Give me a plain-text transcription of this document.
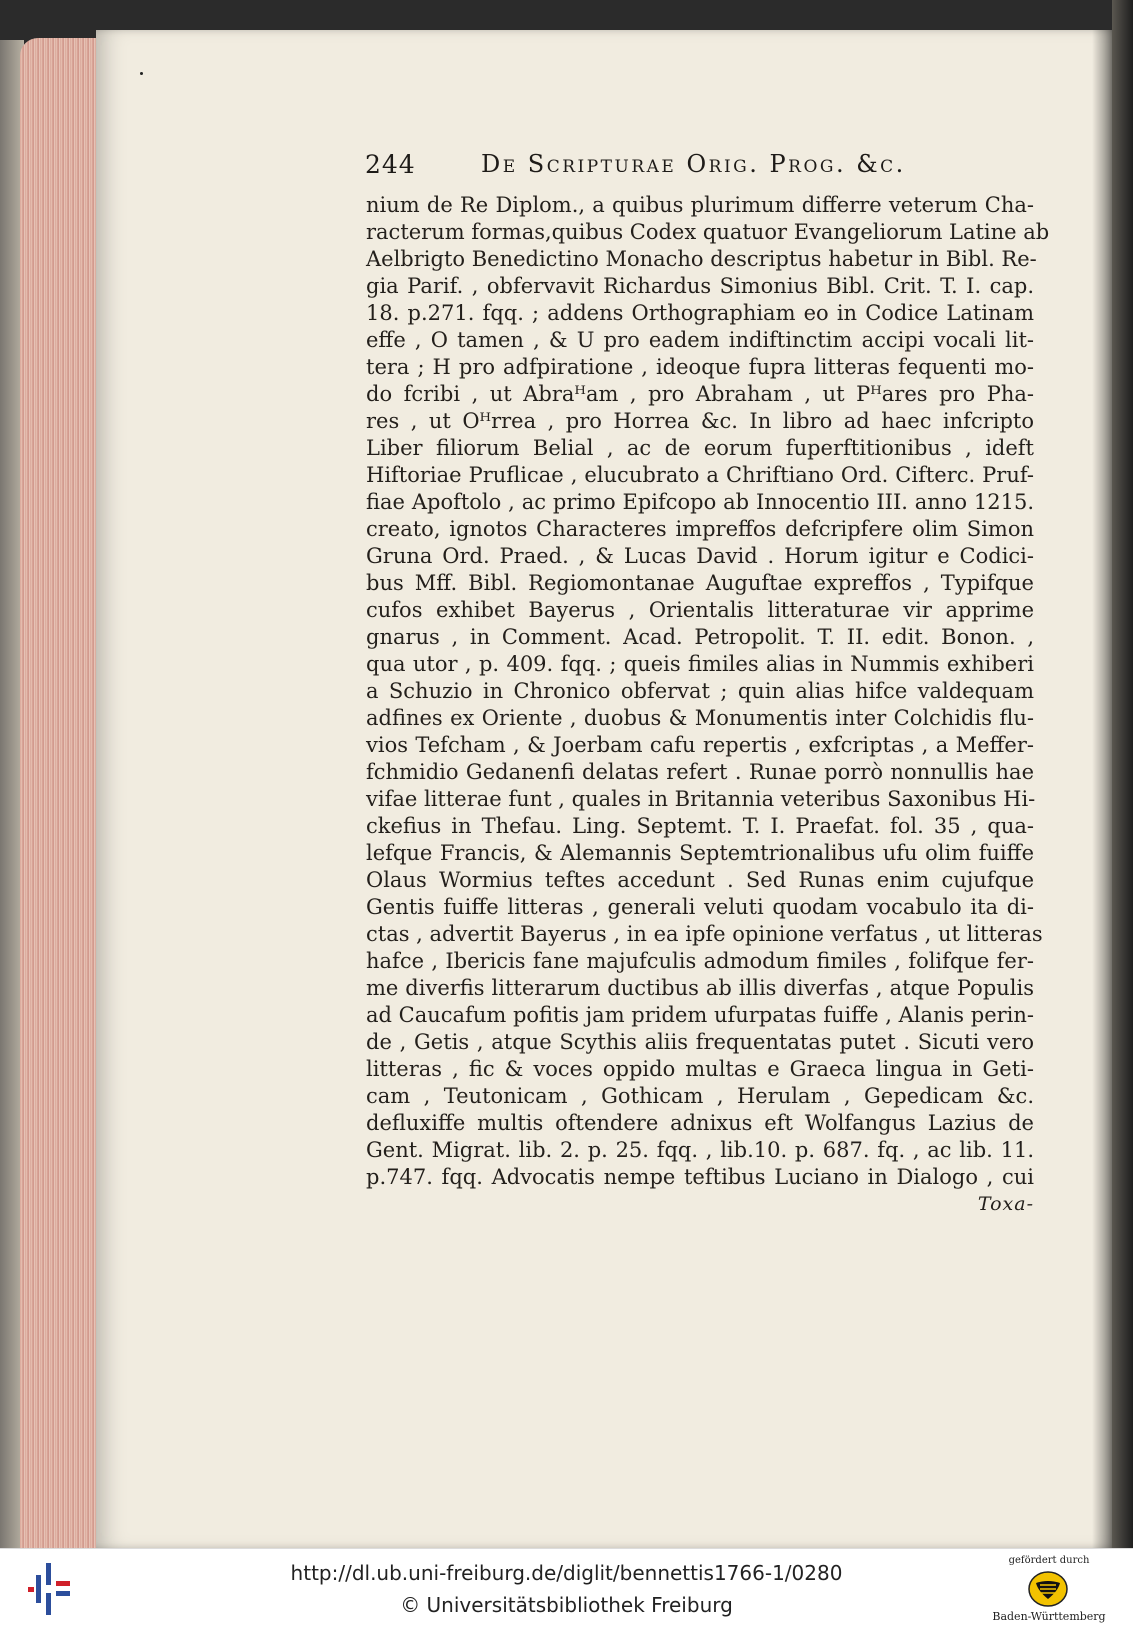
244	De Scripturae Orig. Prog. &c.
nium de Re Diplom., a quibus plurimum differre veterum Cha-
racterum formas,quibus Codex quatuor Evangeliorum Latine ab
Aelbrigto Benedictino Monacho descriptus habetur in Bibl. Re-
gia Parif. , obfervavit Richardus Simonius Bibl. Crit. T. I. cap.
18. p.271. fqq. ; addens Orthographiam eo in Codice Latinam
effe , O tamen , & U pro eadem indiftinctim accipi vocali lit-
tera ; H pro adfpiratione , ideoque fupra litteras fequenti mo-
do fcribi , ut Abraᴴam , pro Abraham , ut Pᴴares pro Pha-
res , ut Oᴴrrea , pro Horrea &c. In libro ad haec infcripto
Liber filiorum Belial , ac de eorum fuperftitionibus , ideft
Hiftoriae Pruflicae , elucubrato a Chriftiano Ord. Cifterc. Pruf-
fiae Apoftolo , ac primo Epifcopo ab Innocentio III. anno 1215.
creato, ignotos Characteres impreffos defcripfere olim Simon
Gruna Ord. Praed. , & Lucas David . Horum igitur e Codici-
bus Mff. Bibl. Regiomontanae Auguftae expreffos , Typifque
cufos exhibet Bayerus , Orientalis litteraturae vir apprime
gnarus , in Comment. Acad. Petropolit. T. II. edit. Bonon. ,
qua utor , p. 409. fqq. ; queis fimiles alias in Nummis exhiberi
a Schuzio in Chronico obfervat ; quin alias hifce valdequam
adfines ex Oriente , duobus & Monumentis inter Colchidis flu-
vios Tefcham , & Joerbam cafu repertis , exfcriptas , a Meffer-
fchmidio Gedanenfi delatas refert . Runae porrò nonnullis hae
vifae litterae funt , quales in Britannia veteribus Saxonibus Hi-
ckefius in Thefau. Ling. Septemt. T. I. Praefat. fol. 35 , qua-
lefque Francis, & Alemannis Septemtrionalibus ufu olim fuiffe
Olaus Wormius teftes accedunt . Sed Runas enim cujufque
Gentis fuiffe litteras , generali veluti quodam vocabulo ita di-
ctas , advertit Bayerus , in ea ipfe opinione verfatus , ut litteras
hafce , Ibericis fane majufculis admodum fimiles , folifque fer-
me diverfis litterarum ductibus ab illis diverfas , atque Populis
ad Caucafum pofitis jam pridem ufurpatas fuiffe , Alanis perin-
de , Getis , atque Scythis aliis frequentatas putet . Sicuti vero
litteras , fic & voces oppido multas e Graeca lingua in Geti-
cam , Teutonicam , Gothicam , Herulam , Gepedicam &c.
defluxiffe multis oftendere adnixus eft Wolfangus Lazius de
Gent. Migrat. lib. 2. p. 25. fqq. , lib.10. p. 687. fq. , ac lib. 11.
p.747. fqq. Advocatis nempe teftibus Luciano in Dialogo , cui
Toxa-
http://dl.ub.uni-freiburg.de/diglit/bennettis1766-1/0280
© Universitätsbibliothek Freiburg
gefördert durch
Baden-Württemberg
